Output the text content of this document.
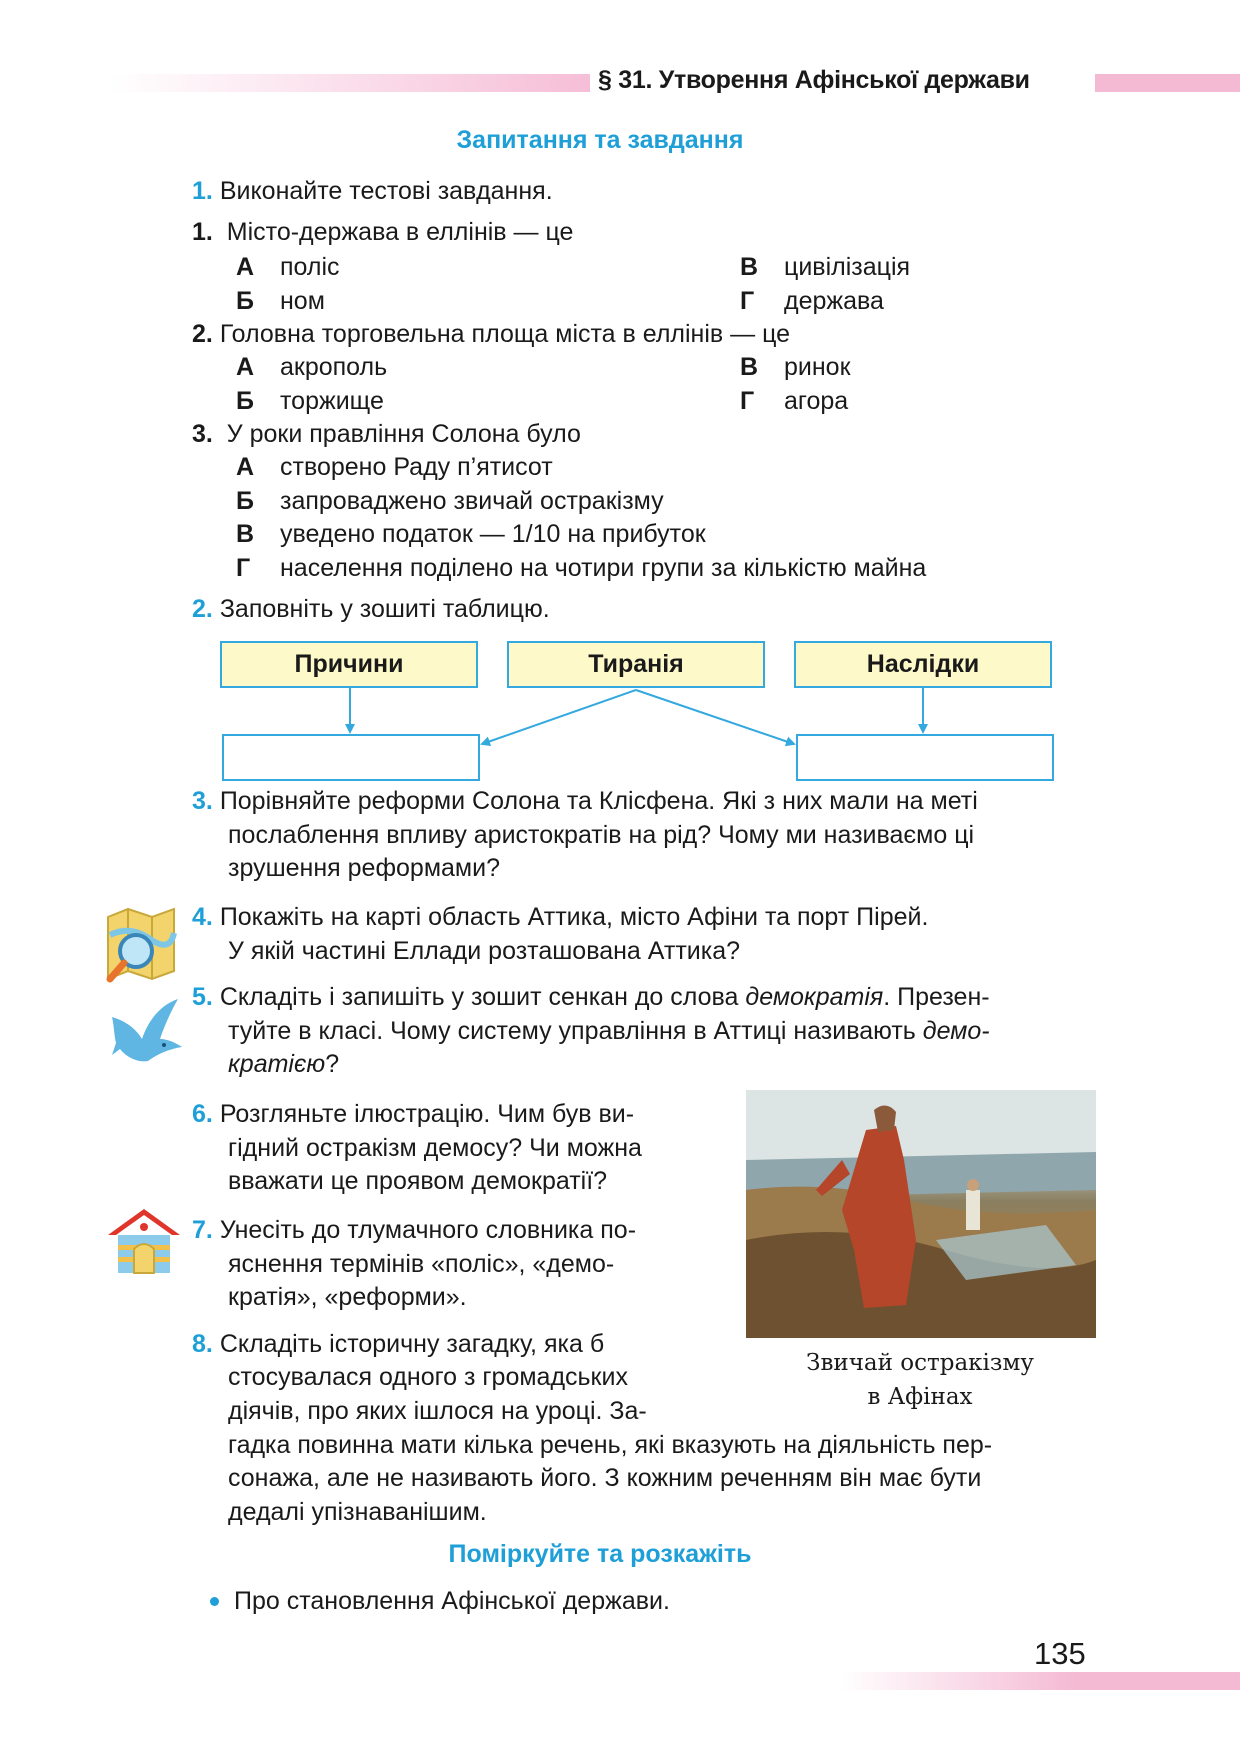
§ 31. Утворення Афінської держави
Запитання та завдання
1. Виконайте тестові завдання.
1. Місто-держава в еллінів — це
А поліс
Б ном
В цивілізація
Г держава
2. Головна торговельна площа міста в еллінів — це
А акрополь
Б торжище
В ринок
Г агора
3. У роки правління Солона було
А створено Раду п’ятисот
Б запроваджено звичай остракізму
В уведено податок — 1/10 на прибуток
Г населення поділено на чотири групи за кількістю майна
2. Заповніть у зошиті таблицю.
Причини	Тиранія	Наслідки
3. Порівняйте реформи Солона та Клісфена. Які з них мали на меті
послаблення впливу аристократів на рід? Чому ми називаємо ці
зрушення реформами?
4. Покажіть на карті область Аттика, місто Афіни та порт Пірей.
У якій частині Еллади розташована Аттика?
5. Складіть і запишіть у зошит сенкан до слова демократія. Презен-
туйте в класі. Чому систему управління в Аттиці називають демо-
кратією?
6. Розгляньте ілюстрацію. Чим був ви-
гідний остракізм демосу? Чи можна
вважати це проявом демократії?
7. Унесіть до тлумачного словника по-
яснення термінів «поліс», «демо-
кратія», «реформи».
8. Складіть історичну загадку, яка б
стосувалася одного з громадських
діячів, про яких ішлося на уроці. За-
гадка повинна мати кілька речень, які вказують на діяльність пер-
сонажа, але не називають його. З кожним реченням він має бути
дедалі упізнаванішим.
Звичай остракізму
в Афінах
Поміркуйте та розкажіть
Про становлення Афінської держави.
135
